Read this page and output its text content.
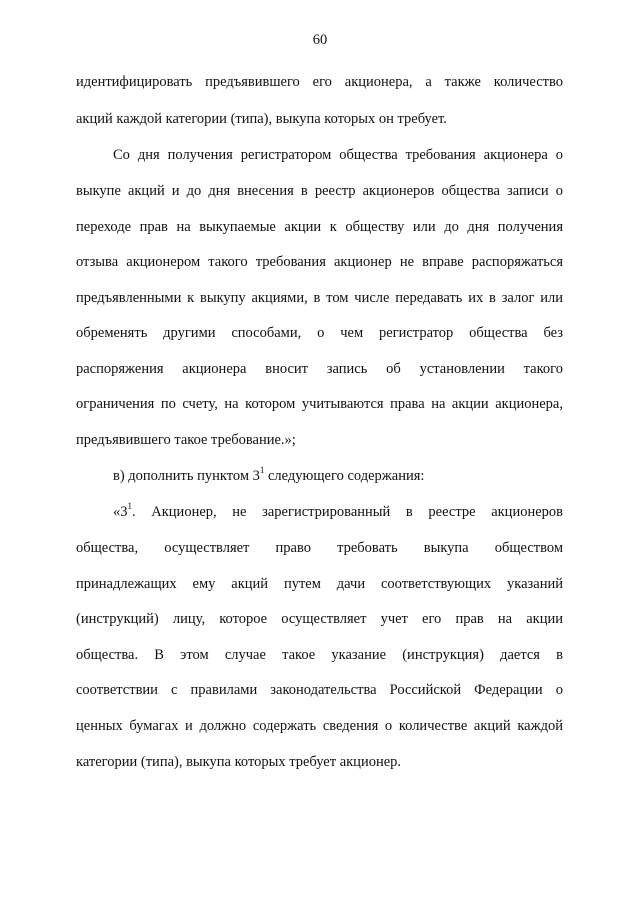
60
идентифицировать предъявившего его акционера, а также количество
акций каждой категории (типа), выкупа которых он требует.
Со дня получения регистратором общества требования акционера о
выкупе акций и до дня внесения в реестр акционеров общества записи о
переходе прав на выкупаемые акции к обществу или до дня получения
отзыва акционером такого требования акционер не вправе распоряжаться
предъявленными к выкупу акциями, в том числе передавать их в залог или
обременять другими способами, о чем регистратор общества без
распоряжения акционера вносит запись об установлении такого
ограничения по счету, на котором учитываются права на акции акционера,
предъявившего такое требование.»;
в) дополнить пунктом $3^1$ следующего содержания:
«$3^1$. Акционер, не зарегистрированный в реестре акционеров
общества, осуществляет право требовать выкупа обществом
принадлежащих ему акций путем дачи соответствующих указаний
(инструкций) лицу, которое осуществляет учет его прав на акции
общества. В этом случае такое указание (инструкция) дается в
соответствии с правилами законодательства Российской Федерации о
ценных бумагах и должно содержать сведения о количестве акций каждой
категории (типа), выкупа которых требует акционер.
